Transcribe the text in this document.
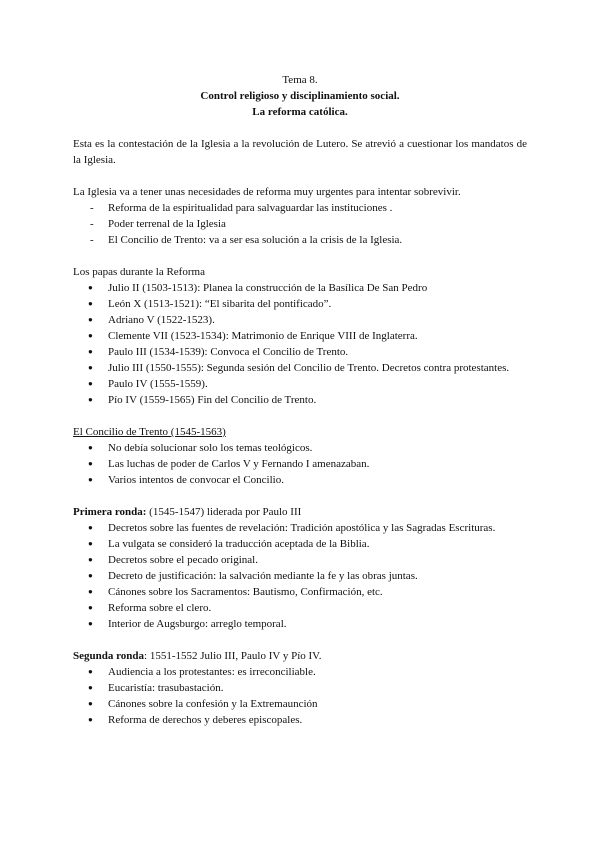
Tema 8.

Control religioso y disciplinamiento social.

La reforma católica.

Esta es la contestación de la Iglesia a la revolución de Lutero. Se atrevió a cuestionar los mandatos de la Iglesia.

La Iglesia va a tener unas necesidades de reforma muy urgentes para intentar sobrevivir.

- Reforma de la espiritualidad para salvaguardar las instituciones .
- Poder terrenal de la Iglesia
- El Concilio de Trento: va a ser esa solución a la crisis de la Iglesia.

Los papas durante la Reforma

● Julio II (1503-1513): Planea la construcción de la Basílica De San Pedro
● León X (1513-1521): “El sibarita del pontificado”.
● Adriano V (1522-1523).
● Clemente VII (1523-1534): Matrimonio de Enrique VIII de Inglaterra.
● Paulo III (1534-1539): Convoca el Concilio de Trento.
● Julio III (1550-1555): Segunda sesión del Concilio de Trento. Decretos contra protestantes.
● Paulo IV (1555-1559).
● Pío IV (1559-1565) Fin del Concilio de Trento.

El Concilio de Trento (1545-1563)

● No debía solucionar solo los temas teológicos.
● Las luchas de poder de Carlos V y Fernando I amenazaban.
● Varios intentos de convocar el Concilio.

Primera ronda: (1545-1547) liderada por Paulo III

● Decretos sobre las fuentes de revelación: Tradición apostólica y las Sagradas Escrituras.
● La vulgata se consideró la traducción aceptada de la Biblia.
● Decretos sobre el pecado original.
● Decreto de justificación: la salvación mediante la fe y las obras juntas.
● Cánones sobre los Sacramentos: Bautismo, Confirmación, etc.
● Reforma sobre el clero.
● Interior de Augsburgo: arreglo temporal.

Segunda ronda: 1551-1552 Julio III, Paulo IV y Pío IV.

● Audiencia a los protestantes: es irreconciliable.
● Eucaristía: trasubastación.
● Cánones sobre la confesión y la Extremaunción
● Reforma de derechos y deberes episcopales.
